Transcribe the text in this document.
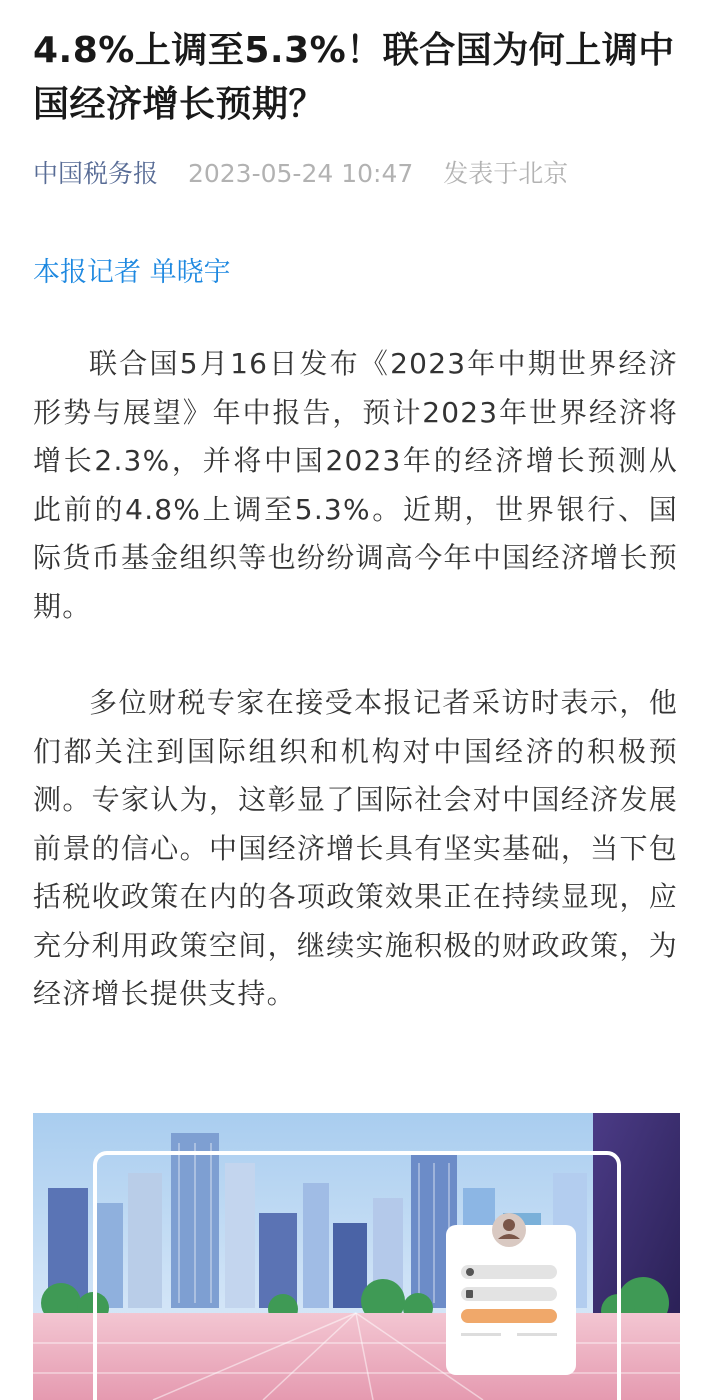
4.8%上调至5.3%！联合国为何上调中国经济增长预期？
中国税务报 2023-05-24 10:47 发表于北京
本报记者 单晓宇

联合国5月16日发布《2023年中期世界经济形势与展望》年中报告，预计2023年世界经济将增长2.3%，并将中国2023年的经济增长预测从此前的4.8%上调至5.3%。近期，世界银行、国际货币基金组织等也纷纷调高今年中国经济增长预期。

多位财税专家在接受本报记者采访时表示，他们都关注到国际组织和机构对中国经济的积极预测。专家认为，这彰显了国际社会对中国经济发展前景的信心。中国经济增长具有坚实基础，当下包括税收政策在内的各项政策效果正在持续显现，应充分利用政策空间，继续实施积极的财政政策，为经济增长提供支持。
